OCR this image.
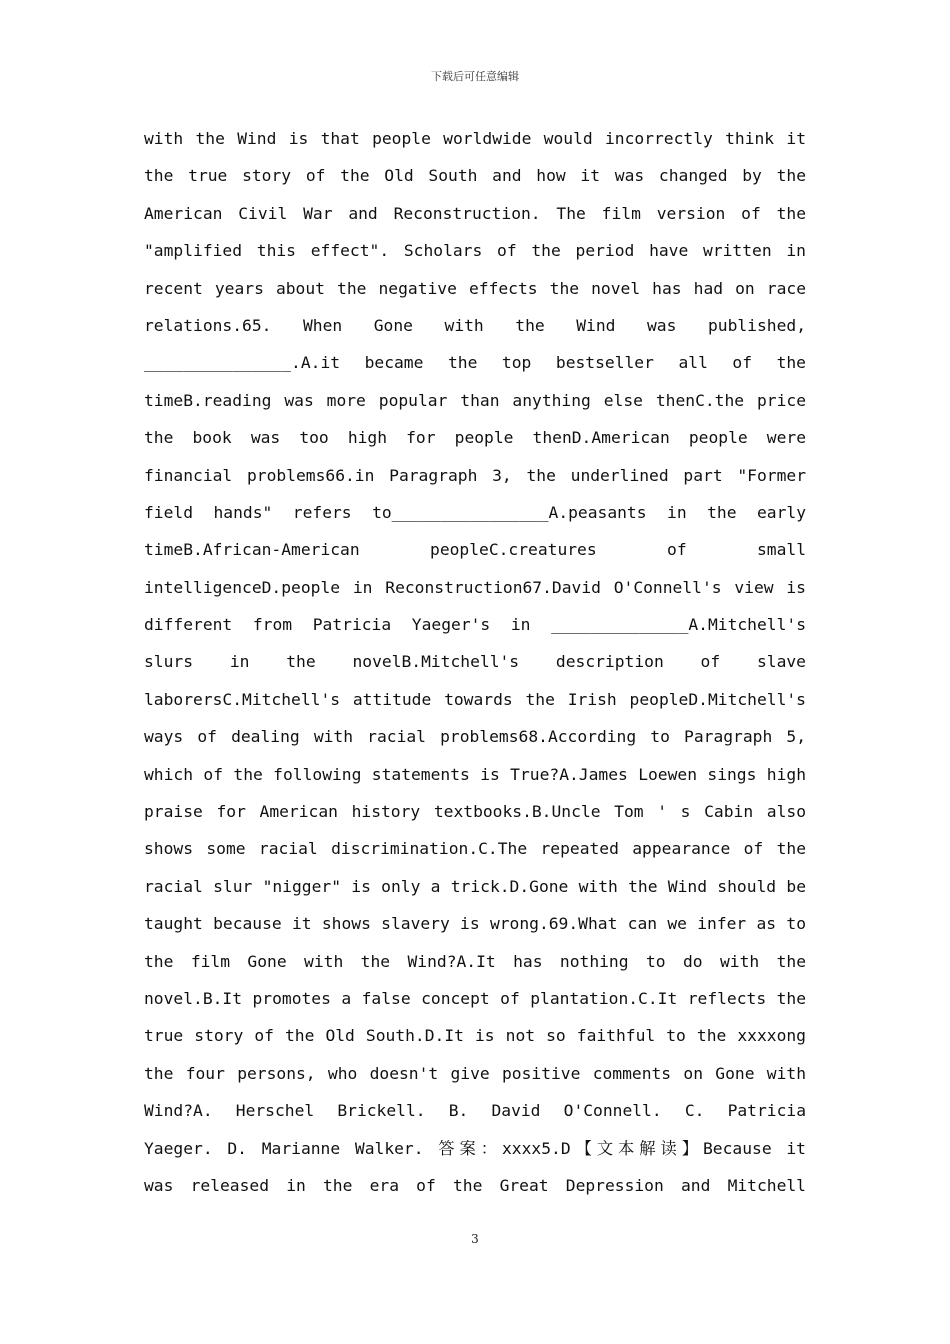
下载后可任意编辑
with the Wind is that people worldwide would incorrectly think it
the true story of the Old South and how it was changed by the
American Civil War and Reconstruction. The film version of the
"amplified this effect". Scholars of the period have written in
recent years about the negative effects the novel has had on race
relations.65. When Gone with the Wind was published,
_______________.A.it became the top bestseller all of the
timeB.reading was more popular than anything else thenC.the price
the book was too high for people thenD.American people were
financial problems66.in Paragraph 3, the underlined part "Former
field hands" refers to________________A.peasants in the early
timeB.African-American peopleC.creatures of small
intelligenceD.people in Reconstruction67.David O'Connell's view is
different from Patricia Yaeger's in ______________A.Mitchell's
slurs in the novelB.Mitchell's description of slave
laborersC.Mitchell's attitude towards the Irish peopleD.Mitchell's
ways of dealing with racial problems68.According to Paragraph 5,
which of the following statements is True?A.James Loewen sings high
praise for American history textbooks.B.Uncle Tom ' s Cabin also
shows some racial discrimination.C.The repeated appearance of the
racial slur "nigger" is only a trick.D.Gone with the Wind should be
taught because it shows slavery is wrong.69.What can we infer as to
the film Gone with the Wind?A.It has nothing to do with the
novel.B.It promotes a false concept of plantation.C.It reflects the
true story of the Old South.D.It is not so faithful to the xxxxong
the four persons, who doesn't give positive comments on Gone with
Wind?A. Herschel Brickell. B. David O'Connell. C. Patricia
Yaeger. D. Marianne Walker. 答案：xxxx5.D【文本解读】Because it
was released in the era of the Great Depression and Mitchell
3
